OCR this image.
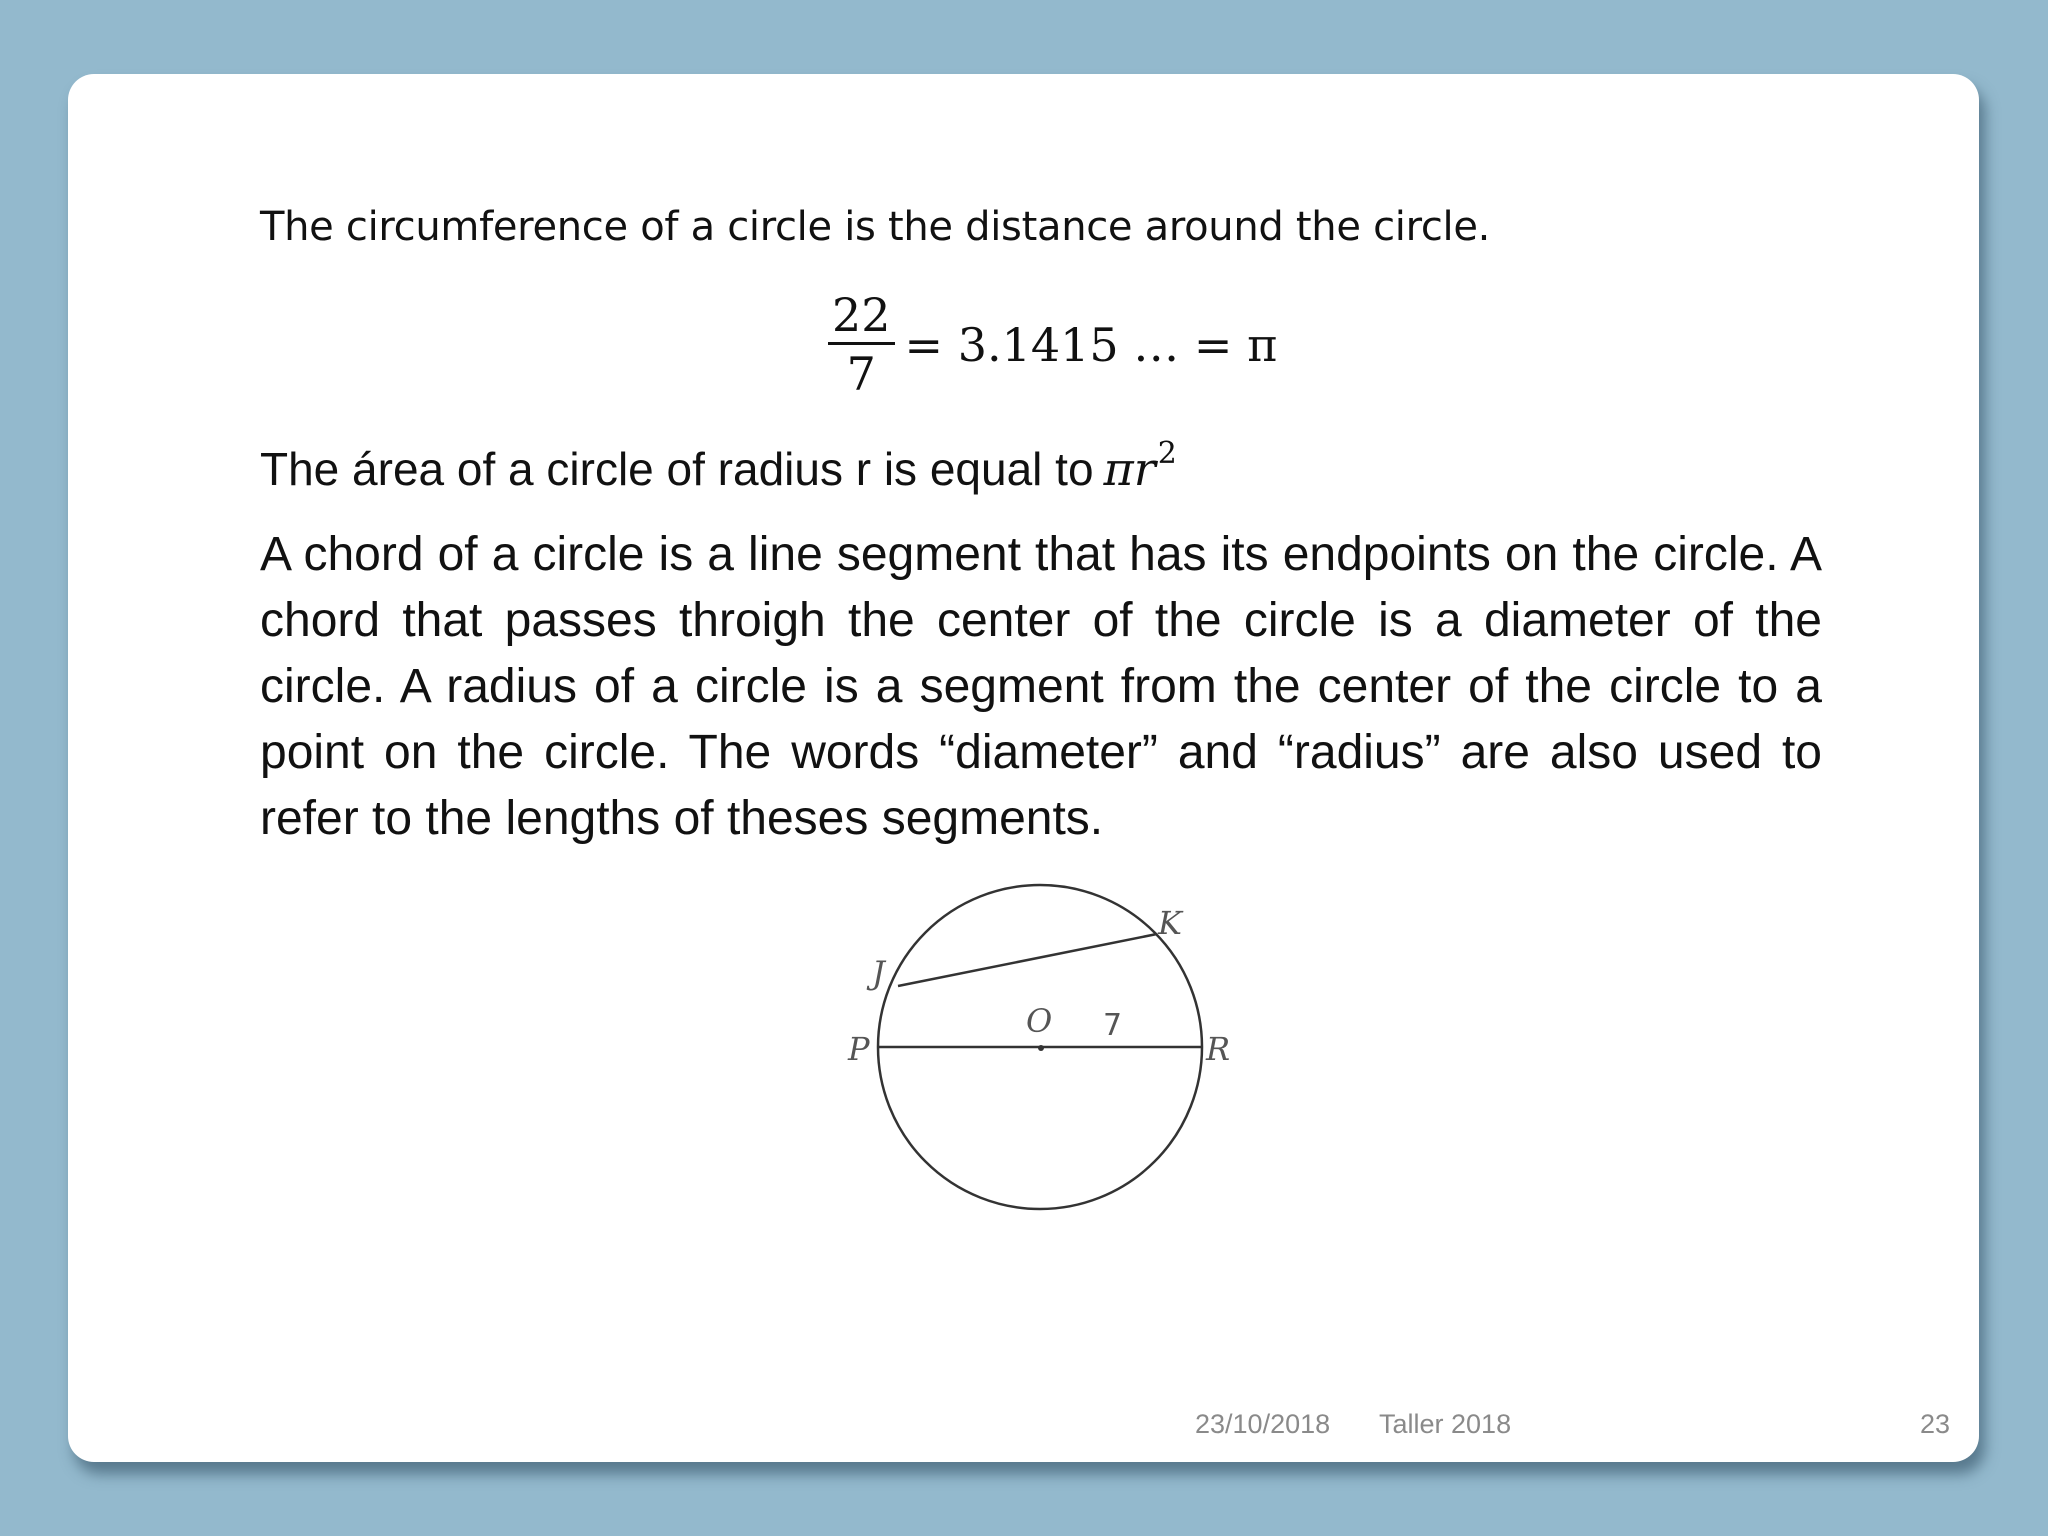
The circumference of a circle is the distance around the circle.
$\frac{22}{7} = 3.1415$ … = π
The área of a circle of radius r is equal to $\pi r^2$

A chord of a circle is a line segment that has its endpoints on the circle. A chord that passes throigh the center of the circle is a diameter of the circle. A radius of a circle is a segment from the center of the circle to a point on the circle. The words “diameter” and “radius” are also used to refer to the lengths of theses segments.

J
K
O
P	R
7
23/10/2018 Taller 2018	23
